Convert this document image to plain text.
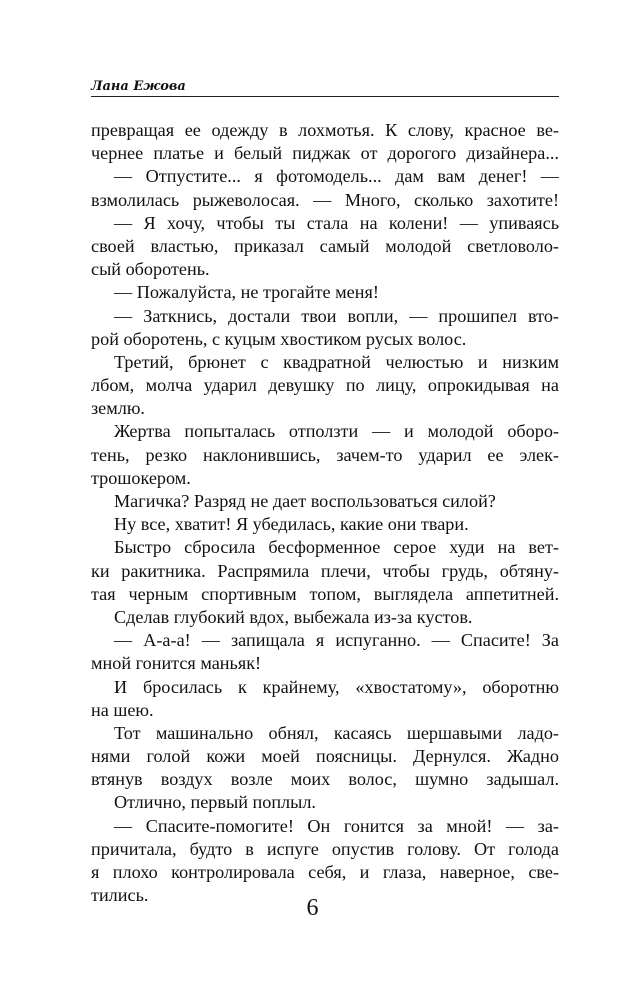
Лана Ежова
превращая ее одежду в лохмотья. К слову, красное ве-
чернее платье и белый пиджак от дорогого дизайнера...
— Отпустите... я фотомодель... дам вам денег! —
взмолилась рыжеволосая. — Много, сколько захотите!
— Я хочу, чтобы ты стала на колени! — упиваясь
своей властью, приказал самый молодой светловоло-
сый оборотень.
— Пожалуйста, не трогайте меня!
— Заткнись, достали твои вопли, — прошипел вто-
рой оборотень, с куцым хвостиком русых волос.
Третий, брюнет с квадратной челюстью и низким
лбом, молча ударил девушку по лицу, опрокидывая на
землю.
Жертва попыталась отползти — и молодой оборо-
тень, резко наклонившись, зачем-то ударил ее элек-
трошокером.
Магичка? Разряд не дает воспользоваться силой?
Ну все, хватит! Я убедилась, какие они твари.
Быстро сбросила бесформенное серое худи на вет-
ки ракитника. Распрямила плечи, чтобы грудь, обтяну-
тая черным спортивным топом, выглядела аппетитней.
Сделав глубокий вдох, выбежала из-за кустов.
— А-а-а! — запищала я испуганно. — Спасите! За
мной гонится маньяк!
И бросилась к крайнему, «хвостатому», оборотню
на шею.
Тот машинально обнял, касаясь шершавыми ладо-
нями голой кожи моей поясницы. Дернулся. Жадно
втянув воздух возле моих волос, шумно задышал.
Отлично, первый поплыл.
— Спасите-помогите! Он гонится за мной! — за-
причитала, будто в испуге опустив голову. От голода
я плохо контролировала себя, и глаза, наверное, све-
тились.	6
